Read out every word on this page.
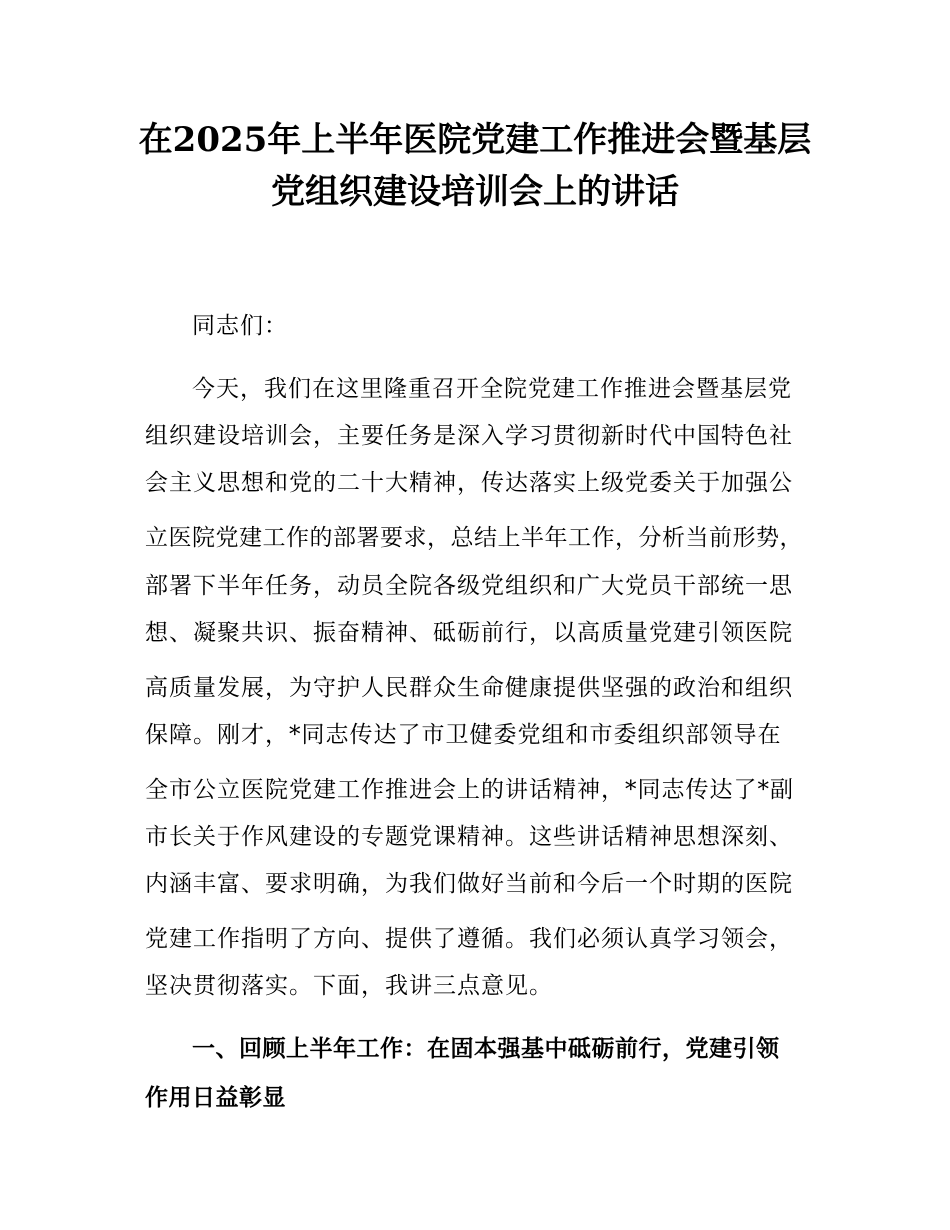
在2025年上半年医院党建工作推进会暨基层
党组织建设培训会上的讲话
同志们：
今天，我们在这里隆重召开全院党建工作推进会暨基层党
组织建设培训会，主要任务是深入学习贯彻新时代中国特色社
会主义思想和党的二十大精神，传达落实上级党委关于加强公
立医院党建工作的部署要求，总结上半年工作，分析当前形势，
部署下半年任务，动员全院各级党组织和广大党员干部统一思
想、凝聚共识、振奋精神、砥砺前行，以高质量党建引领医院
高质量发展，为守护人民群众生命健康提供坚强的政治和组织
保障。刚才，*同志传达了市卫健委党组和市委组织部领导在
全市公立医院党建工作推进会上的讲话精神，*同志传达了*副
市长关于作风建设的专题党课精神。这些讲话精神思想深刻、
内涵丰富、要求明确，为我们做好当前和今后一个时期的医院
党建工作指明了方向、提供了遵循。我们必须认真学习领会，
坚决贯彻落实。下面，我讲三点意见。
一、回顾上半年工作：在固本强基中砥砺前行，党建引领
作用日益彰显
